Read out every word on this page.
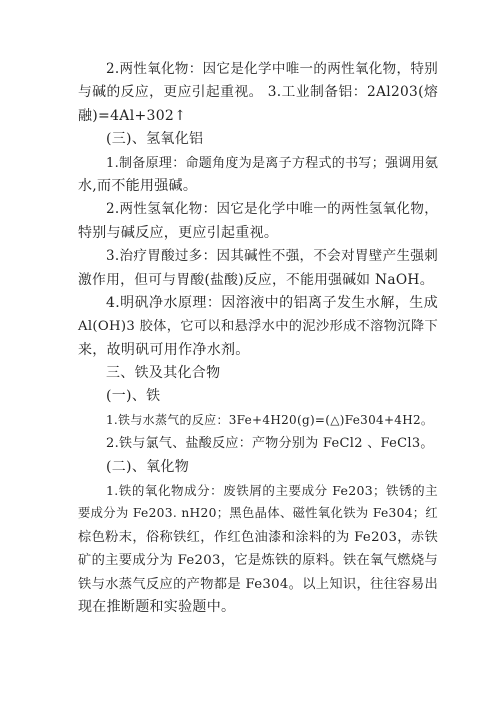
2.两性氧化物：因它是化学中唯一的两性氧化物，特别
与碱的反应，更应引起重视。 3.工业制备铝：2Al203(熔
融)=4Al+302↑
(三)、氢氧化铝
1.制备原理：命题角度为是离子方程式的书写；强调用氨
水,而不能用强碱。
2.两性氢氧化物：因它是化学中唯一的两性氢氧化物，
特别与碱反应，更应引起重视。
3.治疗胃酸过多：因其碱性不强，不会对胃壁产生强刺
激作用，但可与胃酸(盐酸)反应，不能用强碱如 NaOH。
4.明矾净水原理：因溶液中的铝离子发生水解，生成
Al(OH)3 胶体，它可以和悬浮水中的泥沙形成不溶物沉降下
来，故明矾可用作净水剂。
三、铁及其化合物
(一)、铁
1.铁与水蒸气的反应：3Fe+4H20(g)=(△)Fe304+4H2。
2.铁与氯气、盐酸反应：产物分别为 FeCl2 、FeCl3。
(二)、氧化物
1.铁的氧化物成分：废铁屑的主要成分 Fe203；铁锈的主
要成分为 Fe203. nH20；黑色晶体、磁性氧化铁为 Fe304；红
棕色粉末，俗称铁红，作红色油漆和涂料的为 Fe203，赤铁
矿的主要成分为 Fe203，它是炼铁的原料。铁在氧气燃烧与
铁与水蒸气反应的产物都是 Fe304。以上知识，往往容易出
现在推断题和实验题中。
